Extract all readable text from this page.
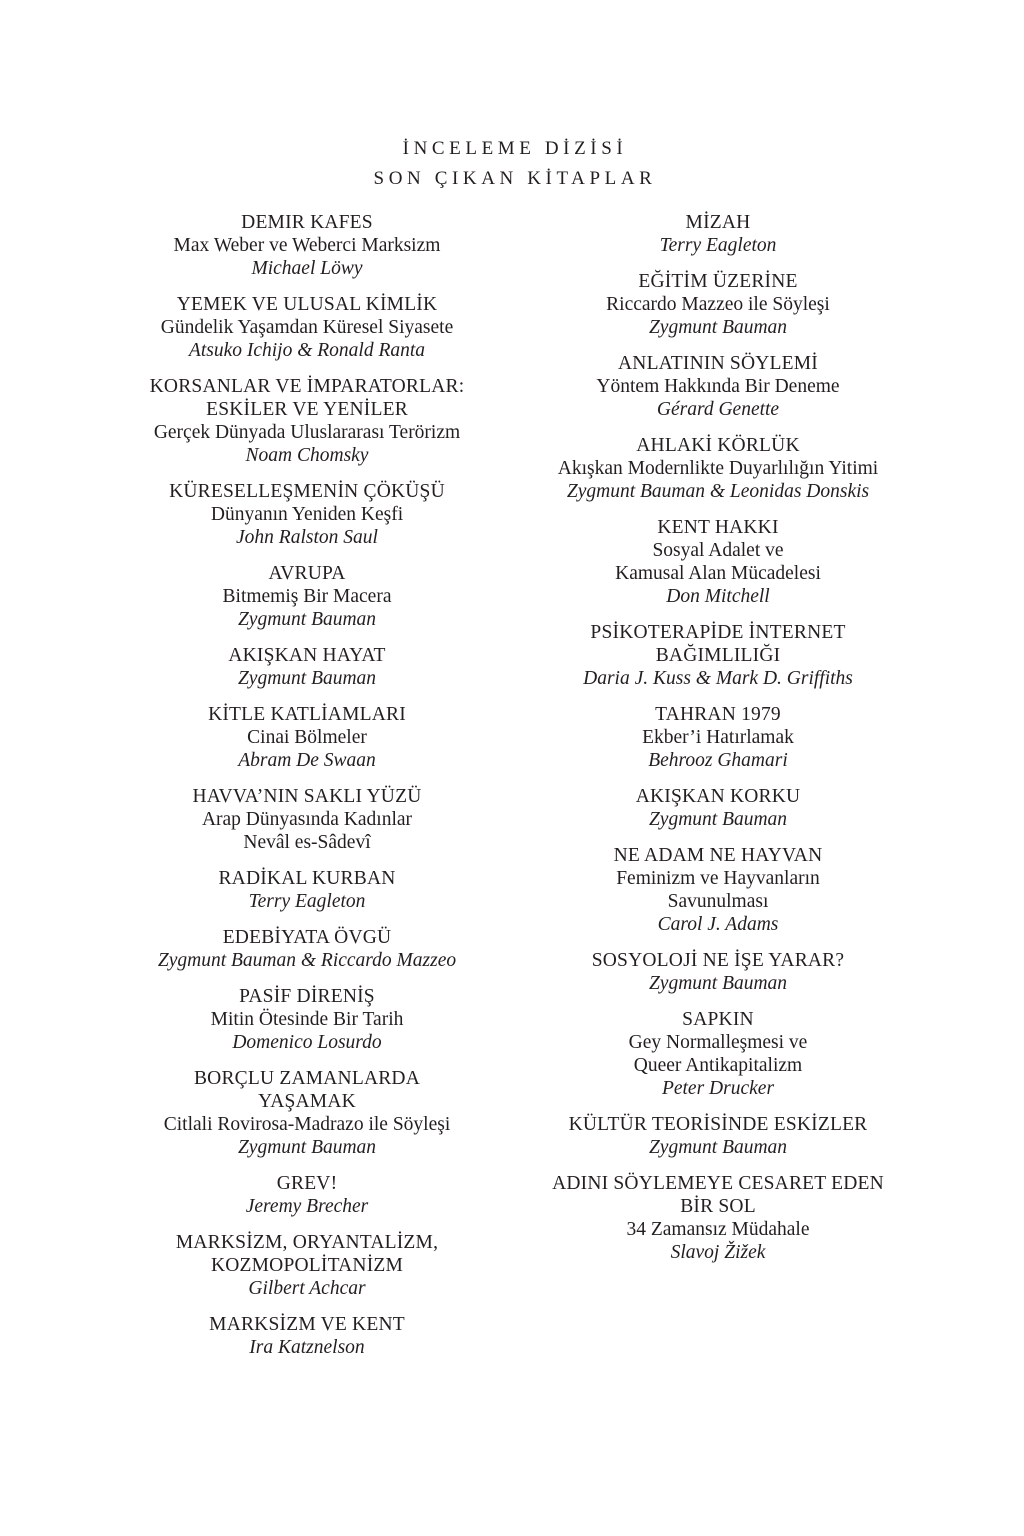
İNCELEME DİZİSİ

SON ÇIKAN KİTAPLAR

DEMIR KAFES
Max Weber ve Weberci Marksizm
Michael Löwy
YEMEK VE ULUSAL KİMLİK
Gündelik Yaşamdan Küresel Siyasete
Atsuko Ichijo & Ronald Ranta
KORSANLAR VE İMPARATORLAR:
ESKİLER VE YENİLER
Gerçek Dünyada Uluslararası Terörizm
Noam Chomsky
KÜRESELLEŞMENİN ÇÖKÜŞÜ
Dünyanın Yeniden Keşfi
John Ralston Saul
AVRUPA
Bitmemiş Bir Macera
Zygmunt Bauman
AKIŞKAN HAYAT
Zygmunt Bauman
KİTLE KATLİAMLARI
Cinai Bölmeler
Abram De Swaan
HAVVA’NIN SAKLI YÜZÜ
Arap Dünyasında Kadınlar
Nevâl es-Sâdevî
RADİKAL KURBAN
Terry Eagleton
EDEBİYATA ÖVGÜ
Zygmunt Bauman & Riccardo Mazzeo
PASİF DİRENİŞ
Mitin Ötesinde Bir Tarih
Domenico Losurdo
BORÇLU ZAMANLARDA
YAŞAMAK
Citlali Rovirosa-Madrazo ile Söyleşi
Zygmunt Bauman
GREV!
Jeremy Brecher
MARKSİZM, ORYANTALİZM,
KOZMOPOLİTANİZM
Gilbert Achcar
MARKSİZM VE KENT
Ira Katznelson
MİZAH
Terry Eagleton
EĞİTİM ÜZERİNE
Riccardo Mazzeo ile Söyleşi
Zygmunt Bauman
ANLATININ SÖYLEMİ
Yöntem Hakkında Bir Deneme
Gérard Genette
AHLAKİ KÖRLÜK
Akışkan Modernlikte Duyarlılığın Yitimi
Zygmunt Bauman & Leonidas Donskis
KENT HAKKI
Sosyal Adalet ve
Kamusal Alan Mücadelesi
Don Mitchell
PSİKOTERAPİDE İNTERNET
BAĞIMLILIĞI
Daria J. Kuss & Mark D. Griffiths
TAHRAN 1979
Ekber’i Hatırlamak
Behrooz Ghamari
AKIŞKAN KORKU
Zygmunt Bauman
NE ADAM NE HAYVAN
Feminizm ve Hayvanların
Savunulması
Carol J. Adams
SOSYOLOJİ NE İŞE YARAR?
Zygmunt Bauman
SAPKIN
Gey Normalleşmesi ve
Queer Antikapitalizm
Peter Drucker
KÜLTÜR TEORİSİNDE ESKİZLER
Zygmunt Bauman
ADINI SÖYLEMEYE CESARET EDEN
BİR SOL
34 Zamansız Müdahale
Slavoj Žižek
